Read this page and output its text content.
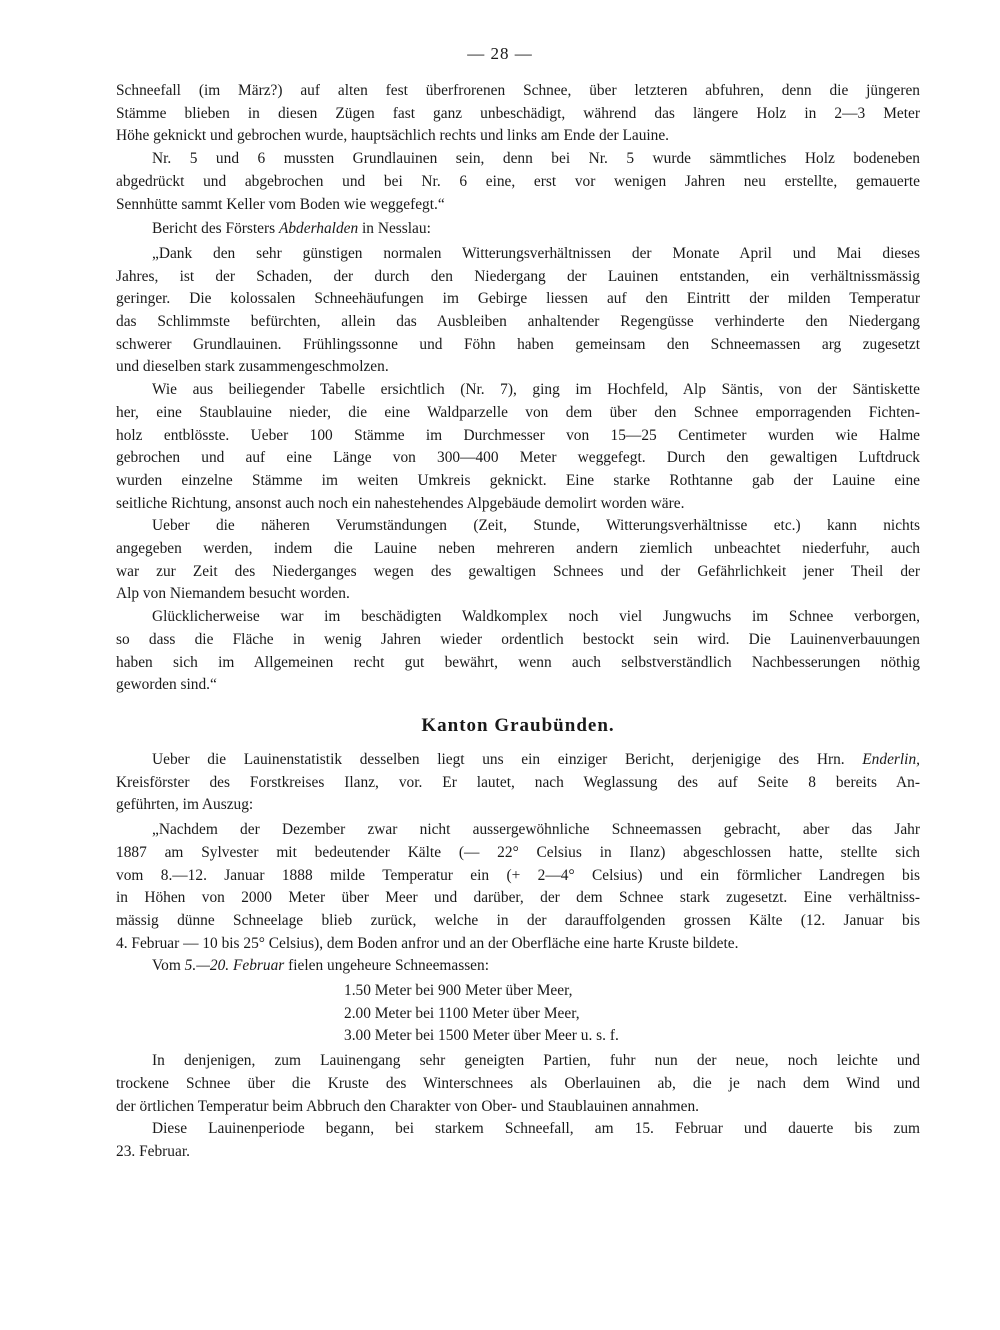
— 28 —

Schneefall (im März?) auf alten fest überfrorenen Schnee, über letzteren abfuhren, denn die jüngeren
Stämme blieben in diesen Zügen fast ganz unbeschädigt, während das längere Holz in 2—3 Meter
Höhe geknickt und gebrochen wurde, hauptsächlich rechts und links am Ende der Lauine.

Nr. 5 und 6 mussten Grundlauinen sein, denn bei Nr. 5 wurde sämmtliches Holz bodeneben
abgedrückt und abgebrochen und bei Nr. 6 eine, erst vor wenigen Jahren neu erstellte, gemauerte
Sennhütte sammt Keller vom Boden wie weggefegt.“

Bericht des Försters Abderhalden in Nesslau:

„Dank den sehr günstigen normalen Witterungsverhältnissen der Monate April und Mai dieses
Jahres, ist der Schaden, der durch den Niedergang der Lauinen entstanden, ein verhältnissmässig
geringer. Die kolossalen Schneehäufungen im Gebirge liessen auf den Eintritt der milden Temperatur
das Schlimmste befürchten, allein das Ausbleiben anhaltender Regengüsse verhinderte den Niedergang
schwerer Grundlauinen. Frühlingssonne und Föhn haben gemeinsam den Schneemassen arg zugesetzt
und dieselben stark zusammengeschmolzen.

Wie aus beiliegender Tabelle ersichtlich (Nr. 7), ging im Hochfeld, Alp Säntis, von der Säntiskette
her, eine Staublauine nieder, die eine Waldparzelle von dem über den Schnee emporragenden Fichten-
holz entblösste. Ueber 100 Stämme im Durchmesser von 15—25 Centimeter wurden wie Halme
gebrochen und auf eine Länge von 300—400 Meter weggefegt. Durch den gewaltigen Luftdruck
wurden einzelne Stämme im weiten Umkreis geknickt. Eine starke Rothtanne gab der Lauine eine
seitliche Richtung, ansonst auch noch ein nahestehendes Alpgebäude demolirt worden wäre.

Ueber die näheren Verumständungen (Zeit, Stunde, Witterungsverhältnisse etc.) kann nichts
angegeben werden, indem die Lauine neben mehreren andern ziemlich unbeachtet niederfuhr, auch
war zur Zeit des Niederganges wegen des gewaltigen Schnees und der Gefährlichkeit jener Theil der
Alp von Niemandem besucht worden.

Glücklicherweise war im beschädigten Waldkomplex noch viel Jungwuchs im Schnee verborgen,
so dass die Fläche in wenig Jahren wieder ordentlich bestockt sein wird. Die Lauinenverbauungen
haben sich im Allgemeinen recht gut bewährt, wenn auch selbstverständlich Nachbesserungen nöthig
geworden sind.“

Kanton Graubünden.

Ueber die Lauinenstatistik desselben liegt uns ein einziger Bericht, derjenigige des Hrn. Enderlin,
Kreisförster des Forstkreises Ilanz, vor. Er lautet, nach Weglassung des auf Seite 8 bereits An-
geführten, im Auszug:

„Nachdem der Dezember zwar nicht aussergewöhnliche Schneemassen gebracht, aber das Jahr
1887 am Sylvester mit bedeutender Kälte (— 22° Celsius in Ilanz) abgeschlossen hatte, stellte sich
vom 8.—12. Januar 1888 milde Temperatur ein (+ 2—4° Celsius) und ein förmlicher Landregen bis
in Höhen von 2000 Meter über Meer und darüber, der dem Schnee stark zugesetzt. Eine verhältniss-
mässig dünne Schneelage blieb zurück, welche in der darauffolgenden grossen Kälte (12. Januar bis
4. Februar — 10 bis 25° Celsius), dem Boden anfror und an der Oberfläche eine harte Kruste bildete.

Vom 5.—20. Februar fielen ungeheure Schneemassen:

1.50 Meter bei 900 Meter über Meer,
2.00 Meter bei 1100 Meter über Meer,
3.00 Meter bei 1500 Meter über Meer u. s. f.

In denjenigen, zum Lauinengang sehr geneigten Partien, fuhr nun der neue, noch leichte und
trockene Schnee über die Kruste des Winterschnees als Oberlauinen ab, die je nach dem Wind und
der örtlichen Temperatur beim Abbruch den Charakter von Ober- und Staublauinen annahmen.

Diese Lauinenperiode begann, bei starkem Schneefall, am 15. Februar und dauerte bis zum
23. Februar.
